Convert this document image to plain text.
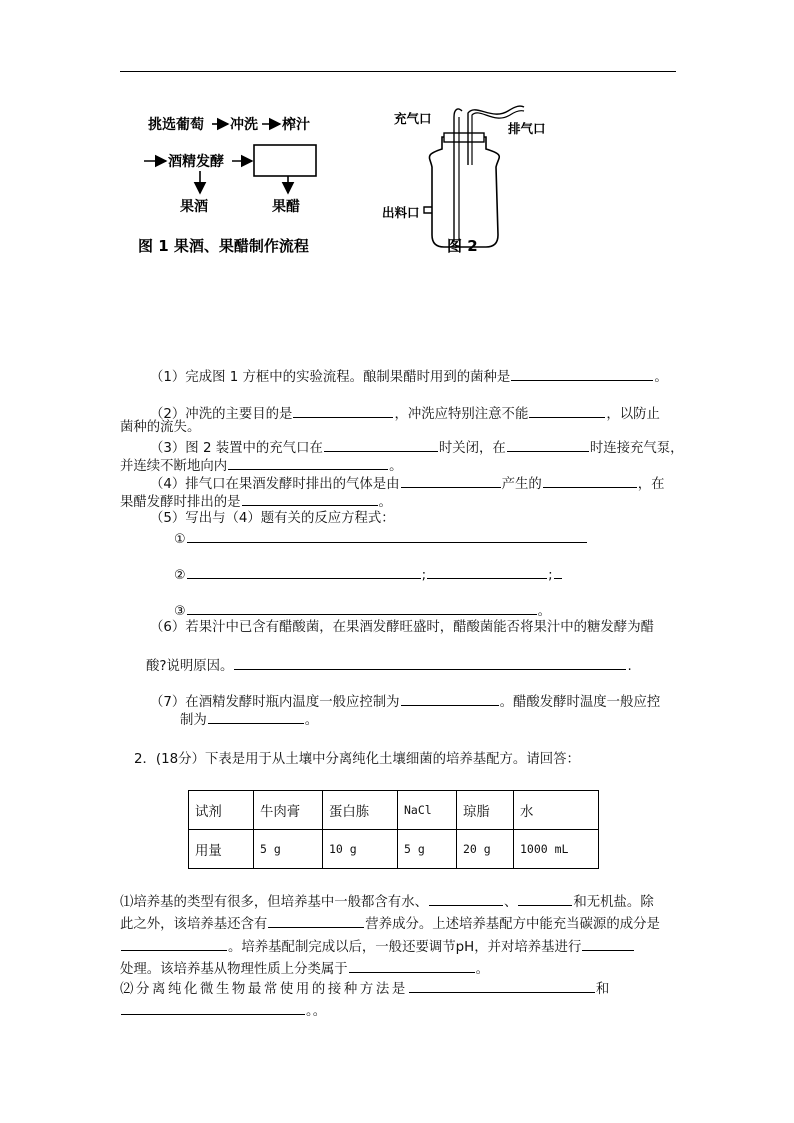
挑选葡萄 冲洗 榨汁
酒精发酵
果酒	果醋
图 1 果酒、果醋制作流程
充气口
排气口
出料口
图 2
（1）完成图 1 方框中的实验流程。酿制果醋时用到的菌种是	。
（2）冲洗的主要目的是	，冲洗应特别注意不能	，以防止
菌种的流失。
（3）图 2 装置中的充气口在	时关闭，在	时连接充气泵，
并连续不断地向内	。
（4）排气口在果酒发酵时排出的气体是由	产生的	，在
果醋发酵时排出的是	。
（5）写出与（4）题有关的反应方程式：
①
②	;	;
③	。
（6）若果汁中已含有醋酸菌，在果酒发酵旺盛时，醋酸菌能否将果汁中的糖发酵为醋
酸?说明原因。	.
（7）在酒精发酵时瓶内温度一般应控制为	。醋酸发酵时温度一般应控
制为	。
2．(18分）下表是用于从土壤中分离纯化土壤细菌的培养基配方。请回答：
试剂	牛肉膏	蛋白胨	NaCl	琼脂	水
用量	5 g	10 g	5 g	20 g	1000 mL
⑴培养基的类型有很多，但培养基中一般都含有水、	、	和无机盐。除
此之外，该培养基还含有	营养成分。上述培养基配方中能充当碳源的成分是
。培养基配制完成以后，一般还要调节pH，并对培养基进行
处理。该培养基从物理性质上分类属于	。
⑵分离纯化微生物最常使用的接种方法是	和
。。
